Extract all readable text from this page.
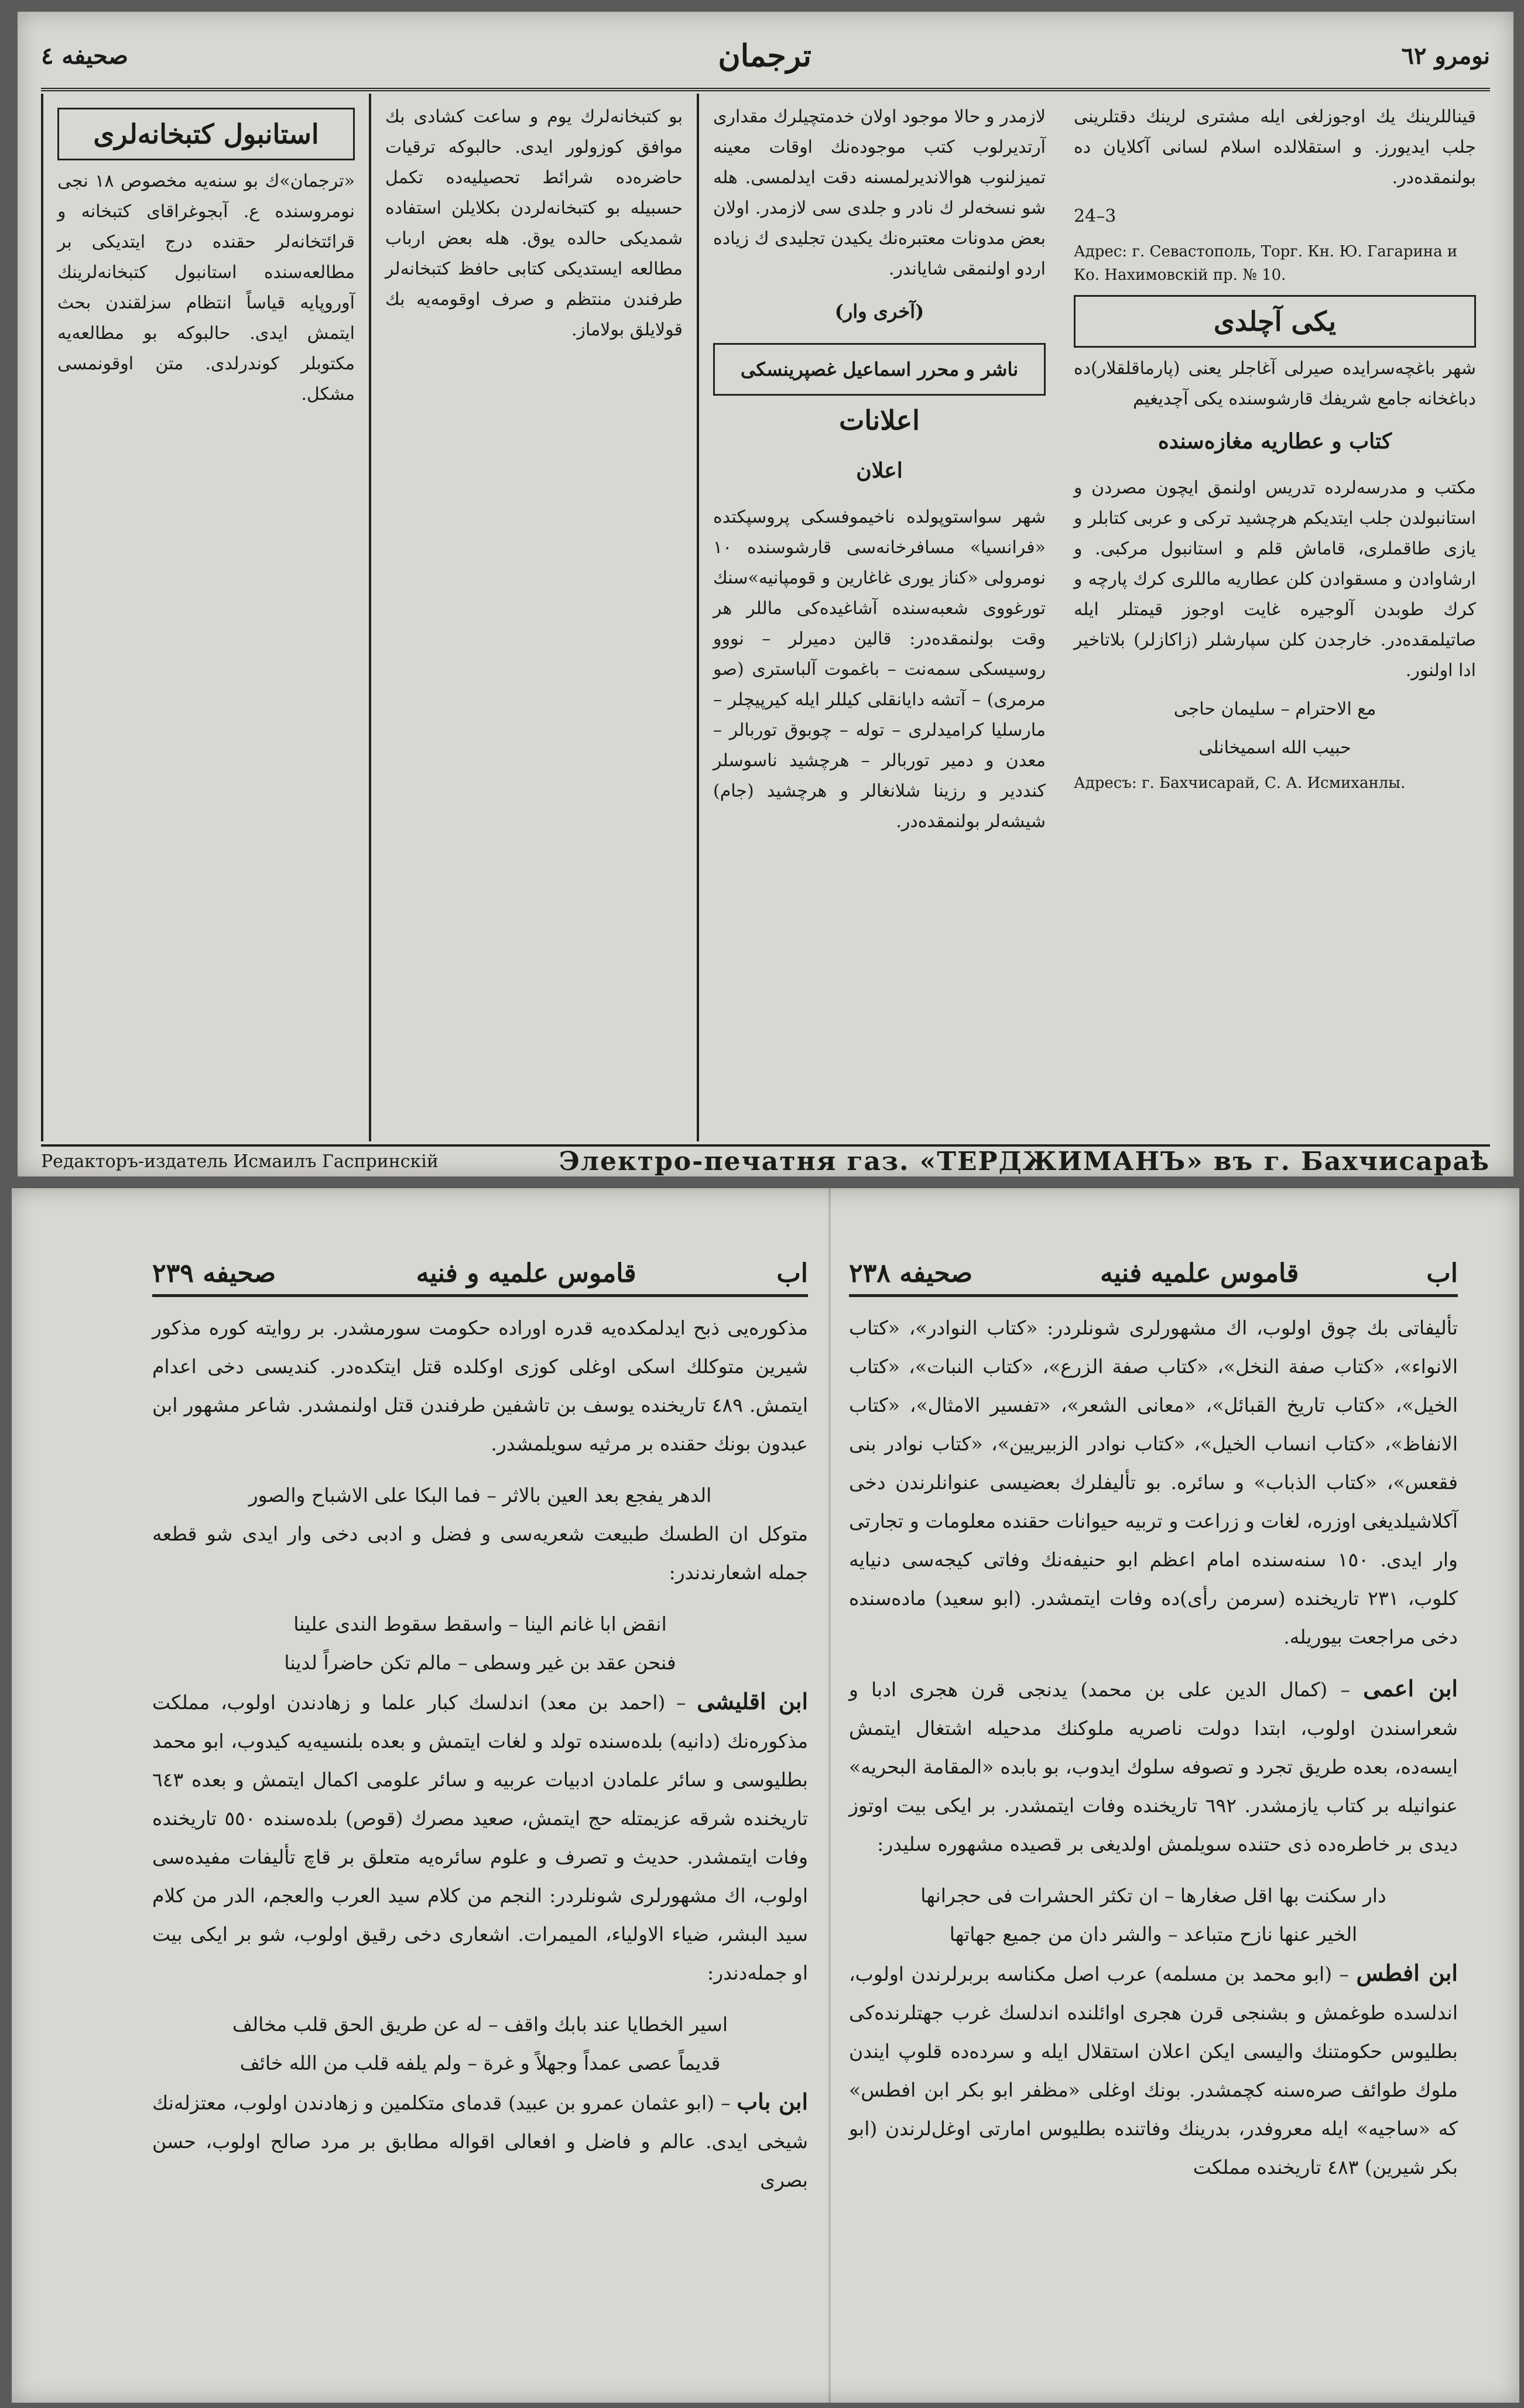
صحیفه ٤	ترجمان	نومرو ٦٢
استانبول کتبخانه‌لری

«ترجمان»ك بو سنه‌یه مخصوص ١٨ نجی نومروسنده ع. آبجوغراقای کتبخانه و قرائتخانه‌لر حقنده درج ایتدیکی بر مطالعه‌سنده استانبول کتبخانه‌لرینك آوروپایه قیاساً انتظام سزلقندن بحث ایتمش ایدی. حالبوکه بو مطالعه‌یه مکتوبلر کوندرلدی. متن اوقونمسی مشکل.

بو کتبخانه‌لرك یوم و ساعت کشادی بك موافق کوزولور ایدی. حالبوکه ترقیات حاضره‌ده شرائط تحصیلیه‌ده تکمل حسبیله بو کتبخانه‌لردن بكلایلن استفاده شمدیکی حالده یوق. هله بعض ارباب مطالعه ایستدیکی کتابی حافظ کتبخانه‌لر طرفندن منتظم و صرف اوقومه‌یه بك قولایلق بولاماز.

لازمدر و حالا موجود اولان خدمتچیلرك مقداری آرتدیرلوب کتب موجوده‌نك اوقات معینه تمیزلنوب هوالاندیرلمسنه دقت ایدلمسی. هله شو نسخه‌لر ك نادر و جلدی سی لازمدر. اولان بعض مدونات معتبره‌نك یکیدن تجلیدی ك زیاده اردو اولنمقی شایاندر.

(آخری وار)
ناشر و محرر اسماعیل غصپرینسکی
اعلانات
اعلان

شهر سواستوپولده ناخیموفسکی پروسپکتده «فرانسیا» مسافرخانه‌سی قارشوسنده ١٠ نومرولی «کناز یوری غاغارین و قومپانیه»سنك تورغووی شعبه‌سنده آشاغیده‌کی ماللر هر وقت بولنمقده‌در: قالین دمیرلر – نووو روسیسکی سمه‌نت – باغموت آلباستری (صو مرمری) – آتشه دایانقلی کیللر ایله کیرپیچلر – مارسلیا کرامیدلری – توله – چوبوق توربالر – معدن و دمیر توربالر – هرچشید ناسوسلر کنددیر و رزینا شلانغالر و هرچشید (جام) شیشه‌لر بولنمقده‌در.

قیناللرینك یك اوجوزلغی ایله مشتری لرینك دقتلرینی جلب ایدیورز. و استقلالده اسلام لسانی آکلایان ده بولنمقده‌در.

3–24

Адрес: г. Севастополь, Торг. Кн. Ю. Гагарина и Ко. Нахимовскiй пр. № 10.

یکی آچلدی

شهر باغچه‌سرایده صیرلی آغاجلر یعنی (پارماقلقلار)ده دباغخانه جامع شریفك قارشوسنده یکی آچدیغیم

کتاب و عطاریه مغازه‌سنده

مکتب و مدرسه‌لرده تدریس اولنمق ایچون مصردن و استانبولدن جلب ایتدیکم هرچشید ترکی و عربی کتابلر و یازی طاقملری، قاماش قلم و استانبول مرکبی. و ارشاوادن و مسقوادن کلن عطاریه ماللری کرك پارچه و کرك طوبدن آلوجیره غایت اوجوز قیمتلر ایله صاتیلمقده‌در. خارجدن کلن سپارشلر (زاکازلر) بلاتاخیر ادا اولنور.

مع الاحترام – سلیمان حاجی

حبیب الله اسمیخانلی

Адресъ: г. Бахчисарай, С. А. Исмиханлы.

Редакторъ-издатель Исмаилъ Гаспринскiй	Электро-печатня газ. «ТЕРДЖИМАНЪ» въ г. Бахчисараѣ
اب
قاموس علمیه و فنیه
صحیفه ٢٣٩

مذکوره‌یی ذبح ایدلمکده‌یه قدره اوراده حکومت سورمشدر. بر روایته کوره مذکور شیرین متوکلك اسکی اوغلی کوزی اوکلده قتل ایتکده‌در. کندیسی دخی اعدام ایتمش. ٤٨٩ تاریخنده یوسف بن تاشفین طرفندن قتل اولنمشدر. شاعر مشهور ابن عبدون بونك حقنده بر مرثیه سویلمشدر.

الدهر یفجع بعد العین بالاثر – فما البکا علی الاشباح والصور

متوکل ان الطسك طبیعت شعریه‌سی و فضل و ادبی دخی وار ایدی شو قطعه جمله اشعارندندر:

انقض ابا غانم الینا – واسقط سقوط الندی علینا
فنحن عقد بن غیر وسطی – مالم تکن حاضراً لدینا

ابن اقلیشی – (احمد بن معد) اندلسك كبار علما و زهادندن اولوب، مملکت مذکوره‌نك (دانیه) بلده‌سنده تولد و لغات ایتمش و بعده بلنسیه‌یه کیدوب، ابو محمد بطلیوسی و سائر علمادن ادبیات عربیه و سائر علومی اکمال ایتمش و بعده ٦٤٣ تاریخنده شرقه عزیمتله حج ایتمش، صعید مصرك (قوص) بلده‌سنده ٥٥٠ تاریخنده وفات ایتمشدر. حدیث و تصرف و علوم سائره‌یه متعلق بر قاچ تألیفات مفیده‌سی اولوب، اك مشهورلری شونلردر: النجم من کلام سید العرب والعجم، الدر من کلام سید البشر، ضیاء الاولیاء، المیمرات. اشعاری دخی رقیق اولوب، شو بر ایکی بیت او جمله‌دندر:

اسیر الخطایا عند بابك واقف – له عن طریق الحق قلب مخالف
قدیماً عصی عمداً وجهلاً و غرة – ولم یلفه قلب من الله خائف

ابن باب – (ابو عثمان عمرو بن عبید) قدمای متکلمین و زهادندن اولوب، معتزله‌نك شیخی ایدی. عالم و فاضل و افعالی اقواله مطابق بر مرد صالح اولوب، حسن بصری

اب
قاموس علمیه فنیه
صحیفه ٢٣٨

تألیفاتی بك چوق اولوب، اك مشهورلری شونلردر: «کتاب النوادر»، «کتاب الانواء»، «کتاب صفة النخل»، «کتاب صفة الزرع»، «کتاب النبات»، «کتاب الخیل»، «کتاب تاریخ القبائل»، «معانی الشعر»، «تفسیر الامثال»، «کتاب الانفاظ»، «کتاب انساب الخیل»، «کتاب نوادر الزبیریین»، «کتاب نوادر بنی فقعس»، «کتاب الذباب» و سائره. بو تألیفلرك بعضیسی عنوانلرندن دخی آکلاشیلدیغی اوزره، لغات و زراعت و تربیه حیوانات حقنده معلومات و تجارتی وار ایدی. ١٥٠ سنه‌سنده امام اعظم ابو حنیفه‌نك وفاتی کیجه‌سی دنیایه کلوب، ٢٣١ تاریخنده (سرمن رأی)ده وفات ایتمشدر. (ابو سعید) ماده‌سنده دخی مراجعت بیوریله.

ابن اعمی – (کمال الدین علی بن محمد) یدنجی قرن هجری ادبا و شعراسندن اولوب، ابتدا دولت ناصریه ملوکنك مدحیله اشتغال ایتمش ایسه‌ده، بعده طریق تجرد و تصوفه سلوك ایدوب، بو بابده «المقامة البحریه» عنوانیله بر کتاب یازمشدر. ٦٩٢ تاریخنده وفات ایتمشدر. بر ایکی بیت اوتوز دیدی بر خاطره‌ده ذی حتنده سویلمش اولدیغی بر قصیده مشهوره سلیدر:

دار سکنت بها اقل صغارها – ان تکثر الحشرات فی حجرانها
الخیر عنها نازح متباعد – والشر دان من جمیع جهاتها

ابن افطس – (ابو محمد بن مسلمه) عرب اصل مکناسه بربرلرندن اولوب، اندلسده طوغمش و بشنجی قرن هجری اوائلنده اندلسك غرب جهتلرنده‌کی بطلیوس حکومتنك والیسی ایکن اعلان استقلال ایله و سرده‌ده قلوپ ایندن ملوك طوائف صره‌سنه کچمشدر. بونك اوغلی «مظفر ابو بکر ابن افطس» که «ساجیه» ایله معروفدر، بدرینك وفاتنده بطلیوس امارتی اوغل‌لرندن (ابو بکر شیرین) ٤٨٣ تاریخنده مملکت
